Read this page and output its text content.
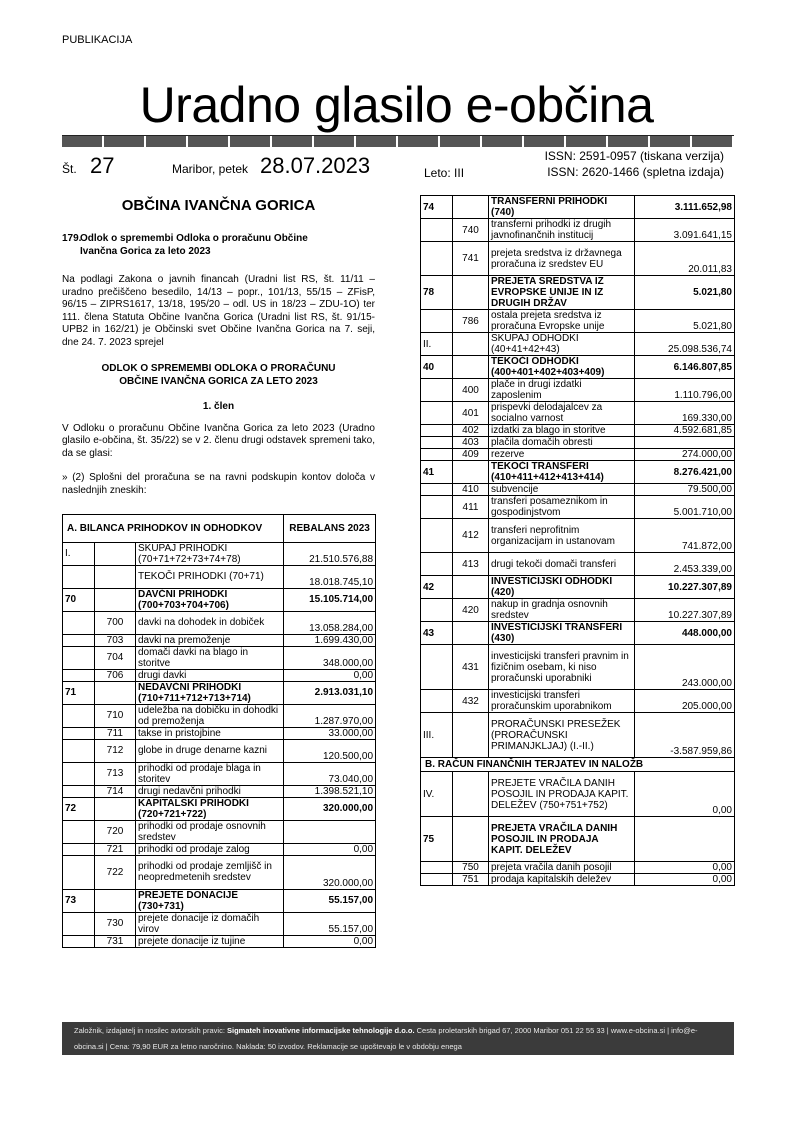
PUBLIKACIJA
Uradno glasilo e-občina
Št. 27	Maribor, petek 28.07.2023	Leto: III
ISSN: 2591-0957 (tiskana verzija)
ISSN: 2620-1466 (spletna izdaja)
OBČINA IVANČNA GORICA
179.Odlok o spremembi Odloka o proračunu Občine
Ivančna Gorica za leto 2023
Na podlagi Zakona o javnih financah (Uradni list RS, št. 11/11 – uradno prečiščeno besedilo, 14/13 – popr., 101/13, 55/15 – ZFisP, 96/15 – ZIPRS1617, 13/18, 195/20 – odl. US in 18/23 – ZDU-1O) ter 111. člena Statuta Občine Ivančna Gorica (Uradni list RS, št. 91/15-UPB2 in 162/21) je Občinski svet Občine Ivančna Gorica na 7. seji, dne 24. 7. 2023 sprejel
ODLOK O SPREMEMBI ODLOKA O PRORAČUNU
OBČINE IVANČNA GORICA ZA LETO 2023
1. člen
V Odloku o proračunu Občine Ivančna Gorica za leto 2023 (Uradno glasilo e-občina, št. 35/22) se v 2. členu drugi odstavek spremeni tako, da se glasi:
» (2) Splošni del proračuna se na ravni podskupin kontov določa v naslednjih zneskih:
A. BILANCA PRIHODKOV IN ODHODKOV			REBALANS 2023
I.		SKUPAJ PRIHODKI (70+71+72+73+74+78)	21.510.576,88
		TEKOČI PRIHODKI (70+71)	18.018.745,10
70		DAVČNI PRIHODKI (700+703+704+706)	15.105.714,00
	700	davki na dohodek in dobiček	13.058.284,00
	703	davki na premoženje	1.699.430,00
	704	domači davki na blago in storitve	348.000,00
	706	drugi davki	0,00
71		NEDAVČNI PRIHODKI (710+711+712+713+714)	2.913.031,10
	710	udeležba na dobičku in dohodki od premoženja	1.287.970,00
	711	takse in pristojbine	33.000,00
	712	globe in druge denarne kazni	120.500,00
	713	prihodki od prodaje blaga in storitev	73.040,00
	714	drugi nedavčni prihodki	1.398.521,10
72		KAPITALSKI PRIHODKI (720+721+722)	320.000,00
	720	prihodki od prodaje osnovnih sredstev	
	721	prihodki od prodaje zalog	0,00
	722	prihodki od prodaje zemljišč in neopredmetenih sredstev	320.000,00
73		PREJETE DONACIJE (730+731)	55.157,00
	730	prejete donacije iz domačih virov	55.157,00
	731	prejete donacije iz tujine	0,00
74		TRANSFERNI PRIHODKI (740)	3.111.652,98
	740	transferni prihodki iz drugih javnofinančnih institucij	3.091.641,15
	741	prejeta sredstva iz državnega proračuna iz sredstev EU	20.011,83
78		PREJETA SREDSTVA IZ EVROPSKE UNIJE IN IZ DRUGIH DRŽAV	5.021,80
	786	ostala prejeta sredstva iz proračuna Evropske unije	5.021,80
II.		SKUPAJ ODHODKI (40+41+42+43)	25.098.536,74
40		TEKOČI ODHODKI (400+401+402+403+409)	6.146.807,85
	400	plače in drugi izdatki zaposlenim	1.110.796,00
	401	prispevki delodajalcev za socialno varnost	169.330,00
	402	izdatki za blago in storitve	4.592.681,85
	403	plačila domačih obresti	
	409	rezerve	274.000,00
41		TEKOČI TRANSFERI (410+411+412+413+414)	8.276.421,00
	410	subvencije	79.500,00
	411	transferi posameznikom in gospodinjstvom	5.001.710,00
	412	transferi neprofitnim organizacijam in ustanovam	741.872,00
	413	drugi tekoči domači transferi	2.453.339,00
42		INVESTICIJSKI ODHODKI (420)	10.227.307,89
	420	nakup in gradnja osnovnih sredstev	10.227.307,89
43		INVESTICIJSKI TRANSFERI (430)	448.000,00
	431	investicijski transferi pravnim in fizičnim osebam, ki niso proračunski uporabniki	243.000,00
	432	investicijski transferi proračunskim uporabnikom	205.000,00
III.		PRORAČUNSKI PRESEŽEK (PRORAČUNSKI PRIMANJKLJAJ) (I.-II.)	-3.587.959,86
B. RAČUN FINANČNIH TERJATEV IN NALOŽB			
IV.		PREJETE VRAČILA DANIH POSOJIL IN PRODAJA KAPIT. DELEŽEV (750+751+752)	0,00
75		PREJETA VRAČILA DANIH POSOJIL IN PRODAJA KAPIT. DELEŽEV	
	750	prejeta vračila danih posojil	0,00
	751	prodaja kapitalskih deležev	0,00
Založnik, izdajatelj in nosilec avtorskih pravic: Sigmateh inovativne informacijske tehnologije d.o.o. Cesta proletarskih brigad 67, 2000 Maribor 051 22 55 33 | www.e-obcina.si | info@e-obcina.si | Cena: 79,90 EUR za letno naročnino. Naklada: 50 izvodov. Reklamacije se upoštevajo le v obdobju enega
